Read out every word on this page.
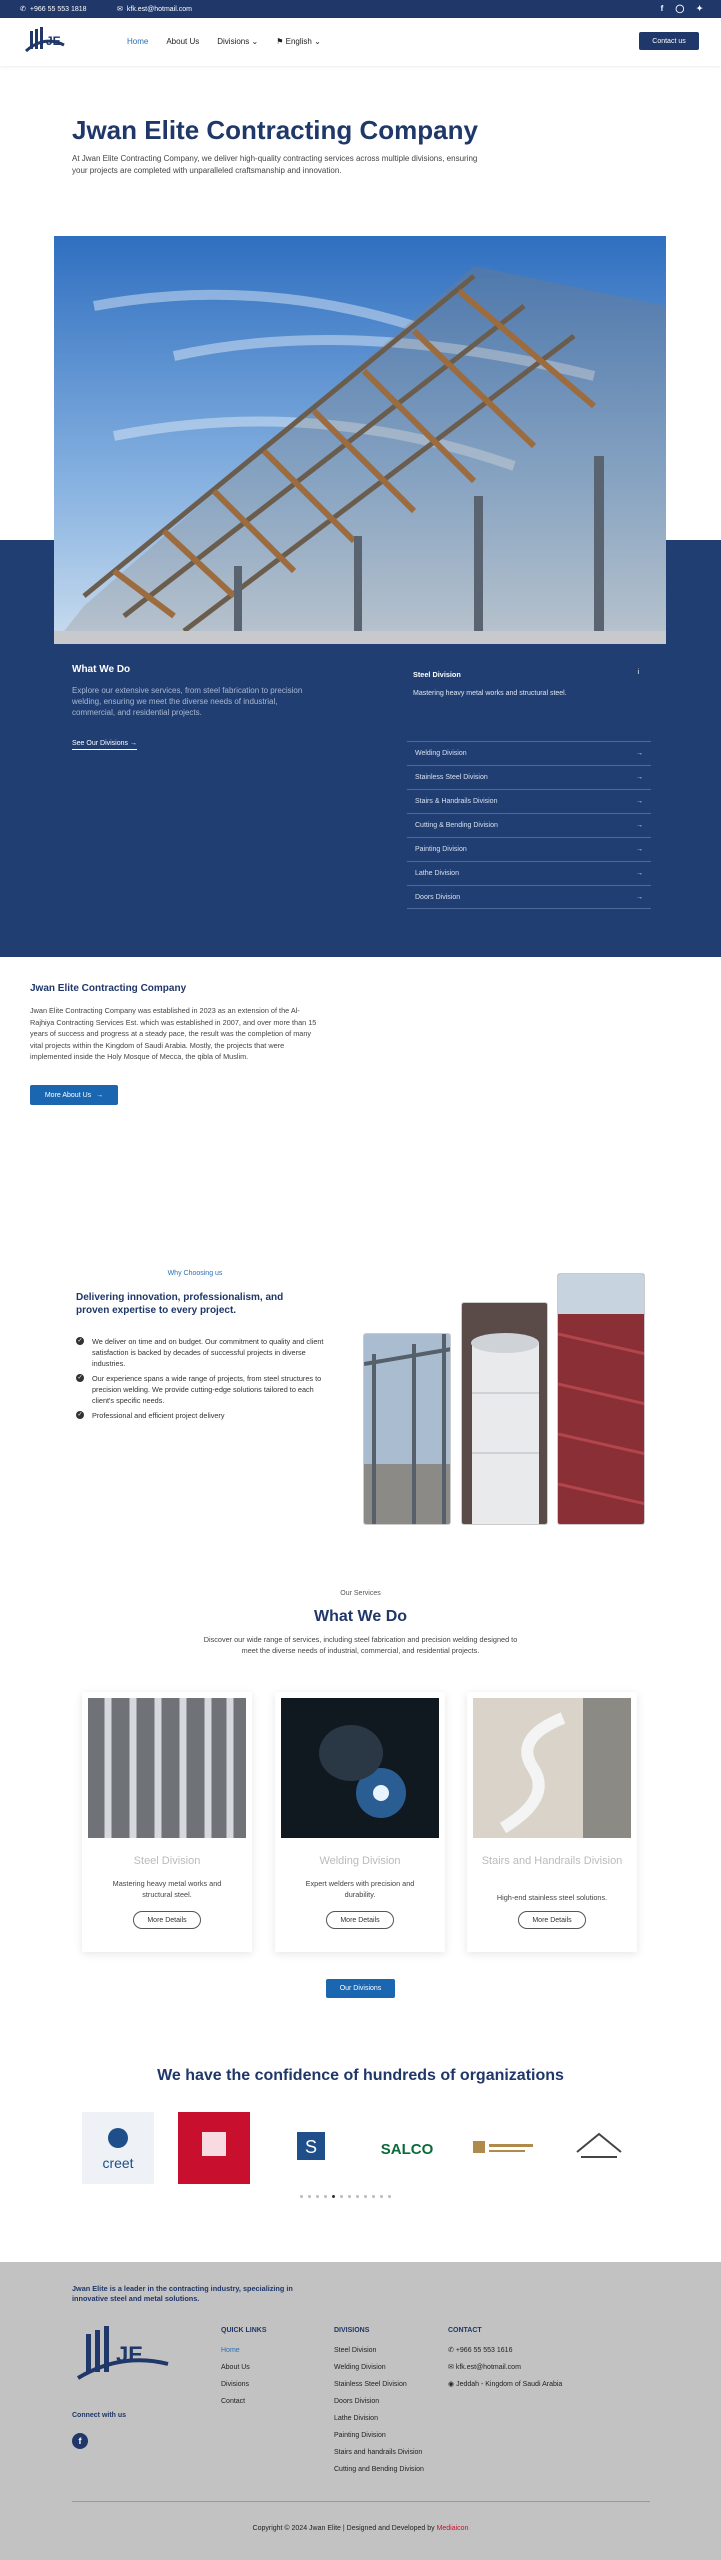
✆ +966 55 553 1818	✉ kfk.est@hotmail.com	f ◯ ✦
JE	Home About Us Divisions ⌄ ⚑ English ⌄	Contact us
Jwan Elite Contracting Company
At Jwan Elite Contracting Company, we deliver high-quality contracting services across multiple divisions, ensuring your projects are completed with unparalleled craftsmanship and innovation.
What We Do
Explore our extensive services, from steel fabrication to precision welding, ensuring we meet the diverse needs of industrial, commercial, and residential projects.
See Our Divisions →
Steel Division	i
Mastering heavy metal works and structural steel.
Welding Division	→
Stainless Steel Division	→
Stairs & Handrails Division	→
Cutting & Bending Division	→
Painting Division	→
Lathe Division	→
Doors Division	→
Jwan Elite Contracting Company
Jwan Elite Contracting Company was established in 2023 as an extension of the Al-Rajhiya Contracting Services Est. which was established in 2007, and over more than 15 years of success and progress at a steady pace, the result was the completion of many vital projects within the Kingdom of Saudi Arabia. Mostly, the projects that were implemented inside the Holy Mosque of Mecca, the qibla of Muslim.
More About Us →
Why Choosing us
Delivering innovation, professionalism, and proven expertise to every project.
✓ We deliver on time and on budget. Our commitment to quality and client satisfaction is backed by decades of successful projects in diverse industries.
✓ Our experience spans a wide range of projects, from steel structures to precision welding. We provide cutting-edge solutions tailored to each client's specific needs.
✓ Professional and efficient project delivery
Our Services
What We Do
Discover our wide range of services, including steel fabrication and precision welding designed to meet the diverse needs of industrial, commercial, and residential projects.
Steel Division
Mastering heavy metal works and structural steel.
More Details
Welding Division
Expert welders with precision and durability.
More Details
Stairs and Handrails Division
High-end stainless steel solutions.
More Details
Our Divisions
We have the confidence of hundreds of organizations
creet
S	SALCO
Jwan Elite is a leader in the contracting industry, specializing in innovative steel and metal solutions.
JE
Connect with us
f
QUICK LINKS
Home
About Us
Divisions
Contact
DIVISIONS
Steel Division
Welding Division
Stainless Steel Division
Doors Division
Lathe Division
Painting Division
Stairs and handrails Division
Cutting and Bending Division
CONTACT
✆ +966 55 553 1616
✉ kfk.est@hotmail.com
◉ Jeddah - Kingdom of Saudi Arabia
Copyright © 2024 Jwan Elite | Designed and Developed by Mediaicon
